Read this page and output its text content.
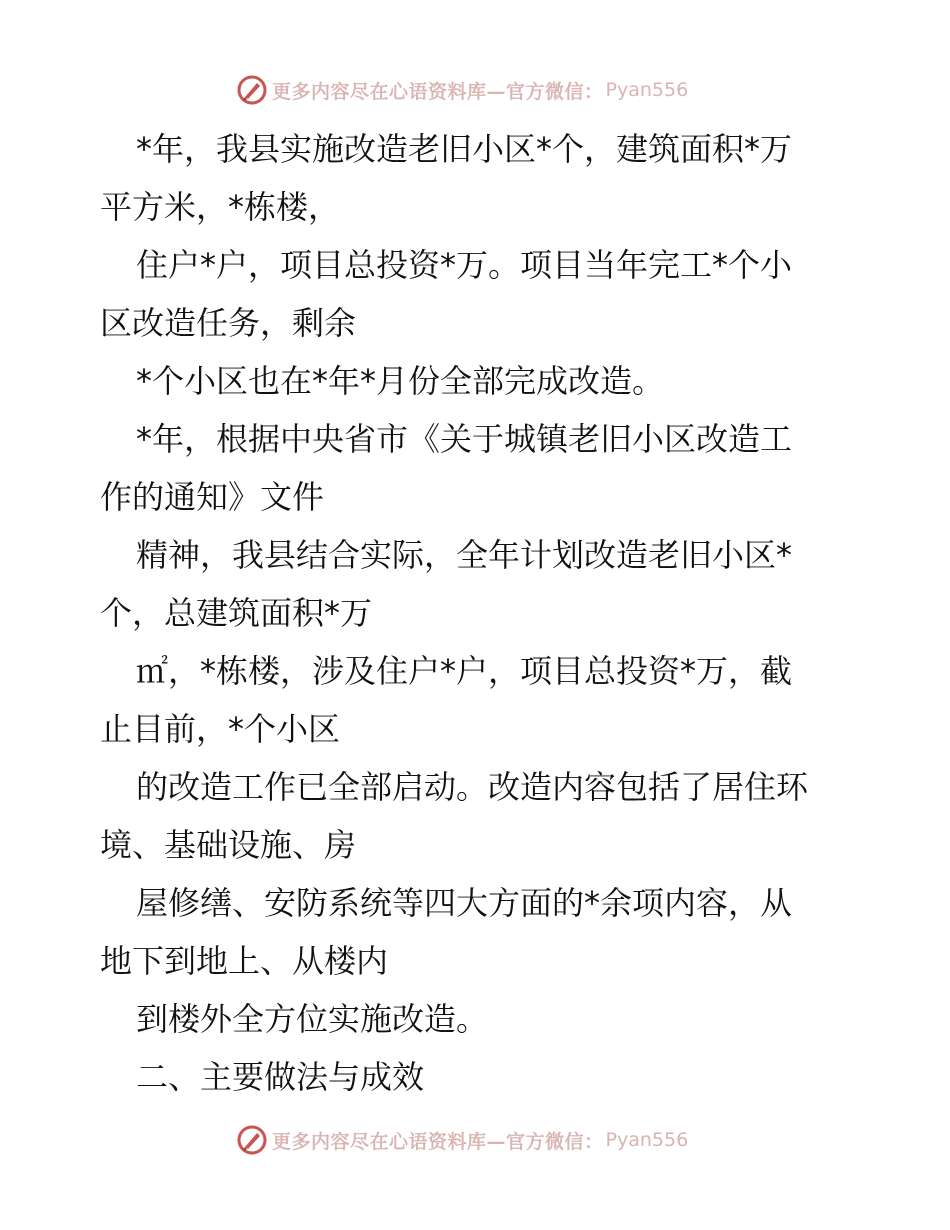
更多内容尽在心语资料库—官方微信： Pyan556
*年，我县实施改造老旧小区*个，建筑面积*万
平方米，*栋楼，
住户*户，项目总投资*万。项目当年完工*个小
区改造任务，剩余
*个小区也在*年*月份全部完成改造。
*年，根据中央省市《关于城镇老旧小区改造工
作的通知》文件
精神，我县结合实际，全年计划改造老旧小区*
个，总建筑面积*万
㎡，*栋楼，涉及住户*户，项目总投资*万，截
止目前，*个小区
的改造工作已全部启动。改造内容包括了居住环
境、基础设施、房
屋修缮、安防系统等四大方面的*余项内容，从
地下到地上、从楼内
到楼外全方位实施改造。
二、主要做法与成效
更多内容尽在心语资料库—官方微信： Pyan556
